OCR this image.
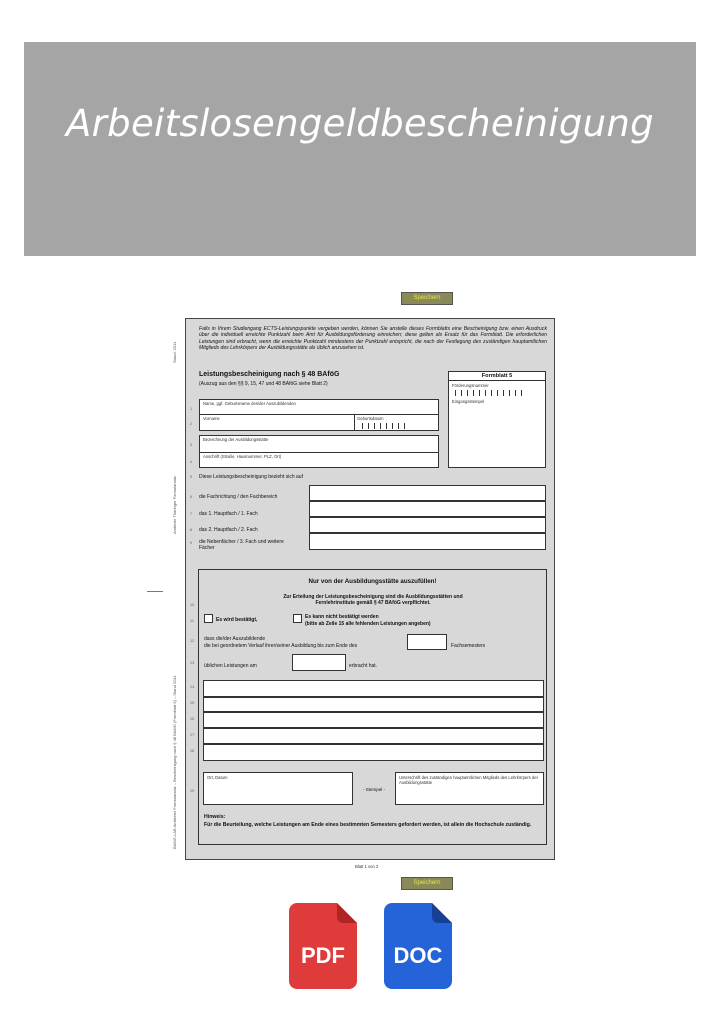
Arbeitslosengeldbescheinigung
Speichern
Stand: 2011
Amtliche Thüringer Formularsatz
BAföG-LAB Amtlicher Formularsatz – Bescheinigung nach § 48 BAföG (Formblatt 5) – Stand 2011
Falls in Ihrem Studiengang ECTS-Leistungspunkte vergeben werden, können Sie anstelle dieses Formblatts eine Bescheinigung bzw. einen Ausdruck über die individuell erreichte Punktzahl beim Amt für Ausbildungsförderung einreichen; diese gelten als Ersatz für das Formblatt. Die erforderlichen Leistungen sind erbracht, wenn die erreichte Punktzahl mindestens der Punktzahl entspricht, die nach der Festlegung des zuständigen hauptamtlichen Mitglieds des Lehrkörpers der Ausbildungsstätte als üblich anzusehen ist.
Leistungsbescheinigung nach § 48 BAföG
(Auszug aus den §§ 9, 15, 47 und 48 BAföG siehe Blatt 2)
Formblatt 5
Förderungsnummer
Eingangsstempel
Name, ggf. Geburtsname des/der Auszubildenden
Vorname	Geburtsdatum
1
2
Bezeichnung der Ausbildungsstätte
Anschrift (Straße, Hausnummer, PLZ, Ort)
3
4
Diese Leistungsbescheinigung bezieht sich auf
5
die Fachrichtung / den Fachbereich
das 1. Hauptfach / 1. Fach
das 2. Hauptfach / 2. Fach
die Nebenfächer / 3. Fach und weitere Fächer
6
7
8
9
Nur von der Ausbildungsstätte auszufüllen!
Zur Erteilung der Leistungsbescheinigung sind die Ausbildungsstätten und Fernlehrinstitute gemäß § 47 BAföG verpflichtet.
Es wird bestätigt,	Es kann nicht bestätigt werden
(bitte ab Zeile 15 alle fehlenden Leistungen angeben)
dass die/der Auszubildende
die bei geordnetem Verlauf ihrer/seiner Ausbildung bis zum Ende des	Fachsemesters
üblichen Leistungen am	erbracht hat.
Ort, Datum
- Stempel -
Unterschrift des zuständigen hauptamtlichen Mitglieds des Lehrkörpers der Ausbildungsstätte
Hinweis:
Für die Beurteilung, welche Leistungen am Ende eines bestimmten Semesters gefordert werden, ist allein die Hochschule zuständig.
10
11
12
13
14
15
16
17
18
19
Blatt 1 von 2
Speichern
PDF DOC
